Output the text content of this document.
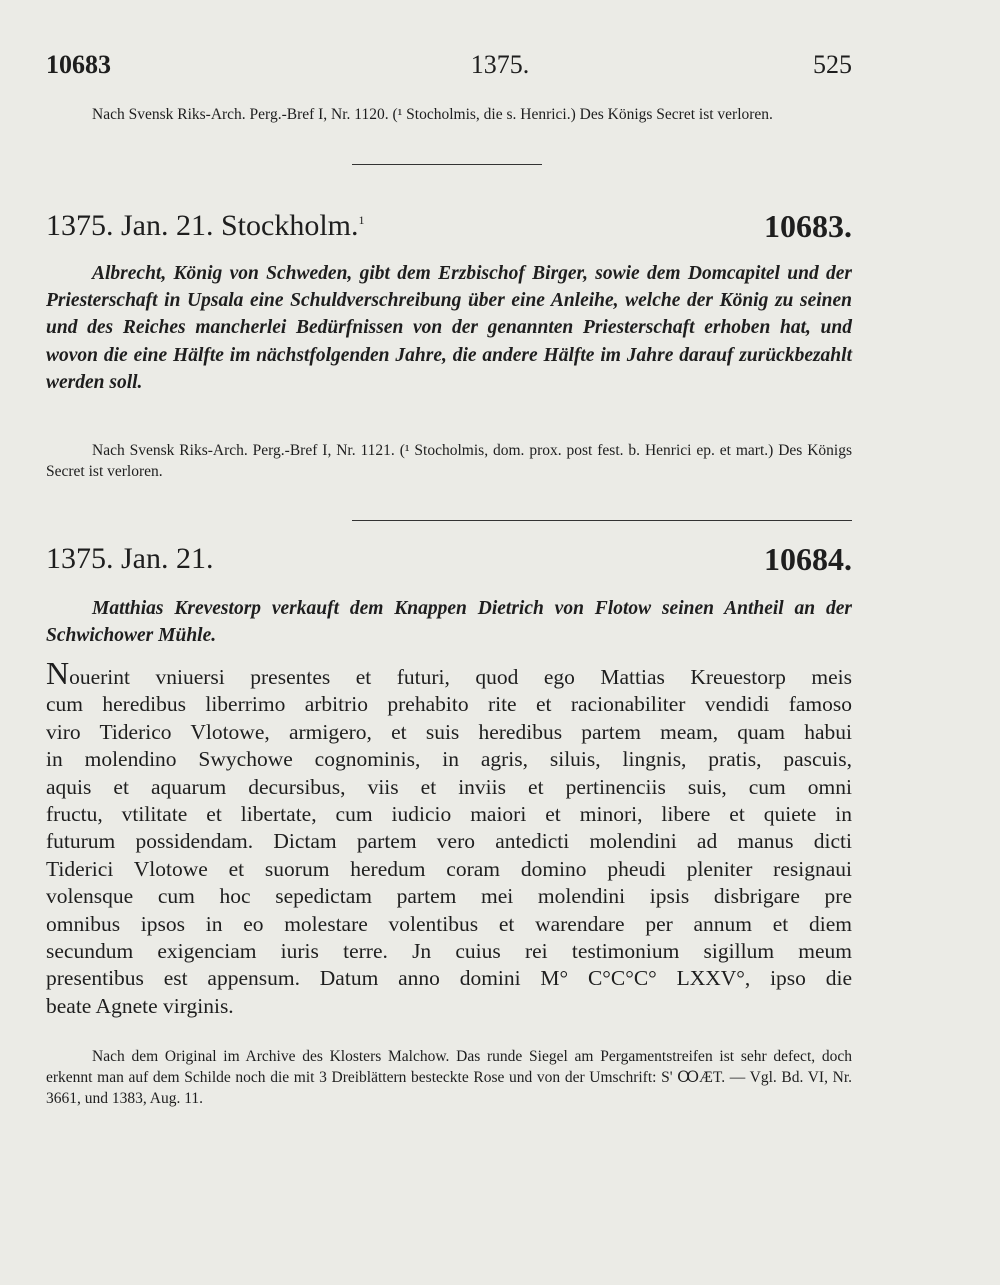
10683	1375.	525
Nach Svensk Riks-Arch. Perg.-Bref I, Nr. 1120. (¹ Stocholmis, die s. Henrici.) Des Königs Secret ist verloren.
1375. Jan. 21. Stockholm.$^1$	10683.
Albrecht, König von Schweden, gibt dem Erzbischof Birger, sowie dem Domcapitel und der Priesterschaft in Upsala eine Schuldverschreibung über eine Anleihe, welche der König zu seinen und des Reiches mancherlei Bedürfnissen von der genannten Priesterschaft erhoben hat, und wovon die eine Hälfte im nächstfolgenden Jahre, die andere Hälfte im Jahre darauf zurückbezahlt werden soll.
Nach Svensk Riks-Arch. Perg.-Bref I, Nr. 1121. (¹ Stocholmis, dom. prox. post fest. b. Henrici ep. et mart.) Des Königs Secret ist verloren.
1375. Jan. 21.	10684.
Matthias Krevestorp verkauft dem Knappen Dietrich von Flotow seinen Antheil an der Schwichower Mühle.
Nouerint vniuersi presentes et futuri, quod ego Mattias Kreuestorp meis
cum heredibus liberrimo arbitrio prehabito rite et racionabiliter vendidi famoso
viro Tiderico Vlotowe, armigero, et suis heredibus partem meam, quam habui
in molendino Swychowe cognominis, in agris, siluis, lingnis, pratis, pascuis,
aquis et aquarum decursibus, viis et inviis et pertinenciis suis, cum omni
fructu, vtilitate et libertate, cum iudicio maiori et minori, libere et quiete in
futurum possidendam. Dictam partem vero antedicti molendini ad manus dicti
Tiderici Vlotowe et suorum heredum coram domino pheudi pleniter resignaui
volensque cum hoc sepedictam partem mei molendini ipsis disbrigare pre
omnibus ipsos in eo molestare volentibus et warendare per annum et diem
secundum exigenciam iuris terre. Jn cuius rei testimonium sigillum meum
presentibus est appensum. Datum anno domini M° C°C°C° LXXV°, ipso die
beate Agnete virginis.
Nach dem Original im Archive des Klosters Malchow. Das runde Siegel am Pergamentstreifen ist sehr defect, doch erkennt man auf dem Schilde noch die mit 3 Dreiblättern besteckte Rose und von der Umschrift: S' ꝎÆT. — Vgl. Bd. VI, Nr. 3661, und 1383, Aug. 11.
